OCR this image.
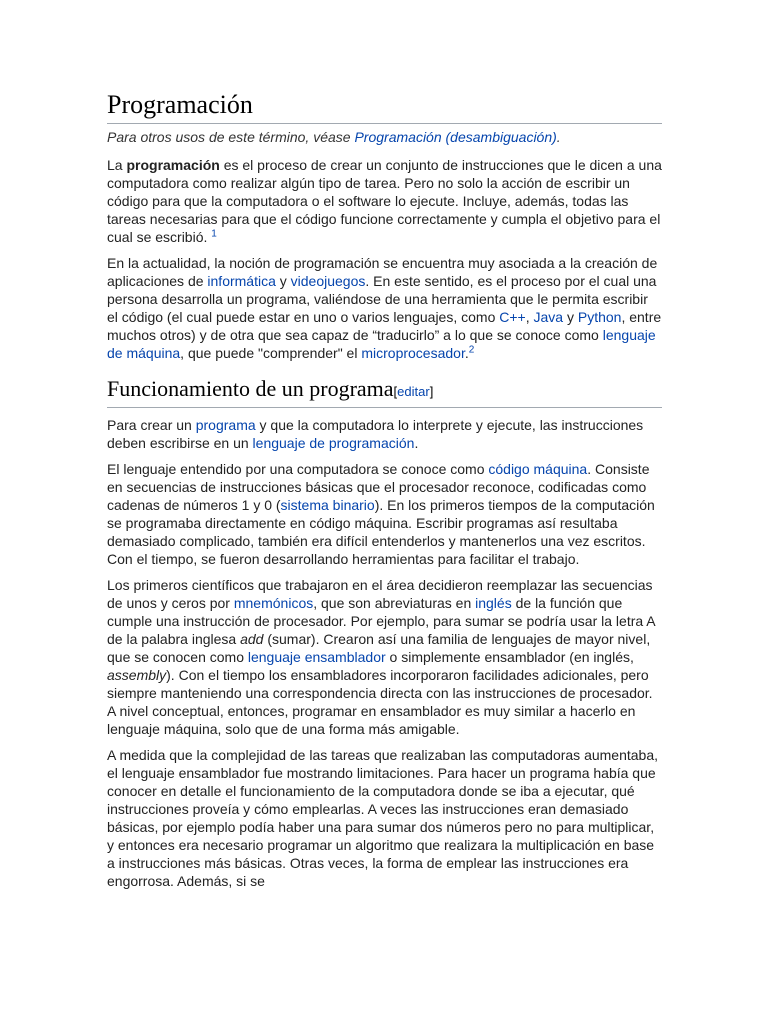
Programación
Para otros usos de este término, véase Programación (desambiguación).

La programación es el proceso de crear un conjunto de instrucciones que le dicen a una computadora como realizar algún tipo de tarea. Pero no solo la acción de escribir un código para que la computadora o el software lo ejecute. Incluye, además, todas las tareas necesarias para que el código funcione correctamente y cumpla el objetivo para el cual se escribió. $^1$

En la actualidad, la noción de programación se encuentra muy asociada a la creación de aplicaciones de informática y videojuegos. En este sentido, es el proceso por el cual una persona desarrolla un programa, valiéndose de una herramienta que le permita escribir el código (el cual puede estar en uno o varios lenguajes, como C++, Java y Python, entre muchos otros) y de otra que sea capaz de “traducirlo” a lo que se conoce como lenguaje de máquina, que puede "comprender" el microprocesador.$^2$

Funcionamiento de un programa[editar]

Para crear un programa y que la computadora lo interprete y ejecute, las instrucciones deben escribirse en un lenguaje de programación.

El lenguaje entendido por una computadora se conoce como código máquina. Consiste en secuencias de instrucciones básicas que el procesador reconoce, codificadas como cadenas de números 1 y 0 (sistema binario). En los primeros tiempos de la computación se programaba directamente en código máquina. Escribir programas así resultaba demasiado complicado, también era difícil entenderlos y mantenerlos una vez escritos. Con el tiempo, se fueron desarrollando herramientas para facilitar el trabajo.

Los primeros científicos que trabajaron en el área decidieron reemplazar las secuencias de unos y ceros por mnemónicos, que son abreviaturas en inglés de la función que cumple una instrucción de procesador. Por ejemplo, para sumar se podría usar la letra A de la palabra inglesa add (sumar). Crearon así una familia de lenguajes de mayor nivel, que se conocen como lenguaje ensamblador o simplemente ensamblador (en inglés, assembly). Con el tiempo los ensambladores incorporaron facilidades adicionales, pero siempre manteniendo una correspondencia directa con las instrucciones de procesador. A nivel conceptual, entonces, programar en ensamblador es muy similar a hacerlo en lenguaje máquina, solo que de una forma más amigable.

A medida que la complejidad de las tareas que realizaban las computadoras aumentaba, el lenguaje ensamblador fue mostrando limitaciones. Para hacer un programa había que conocer en detalle el funcionamiento de la computadora donde se iba a ejecutar, qué instrucciones proveía y cómo emplearlas. A veces las instrucciones eran demasiado básicas, por ejemplo podía haber una para sumar dos números pero no para multiplicar, y entonces era necesario programar un algoritmo que realizara la multiplicación en base a instrucciones más básicas. Otras veces, la forma de emplear las instrucciones era engorrosa. Además, si se
